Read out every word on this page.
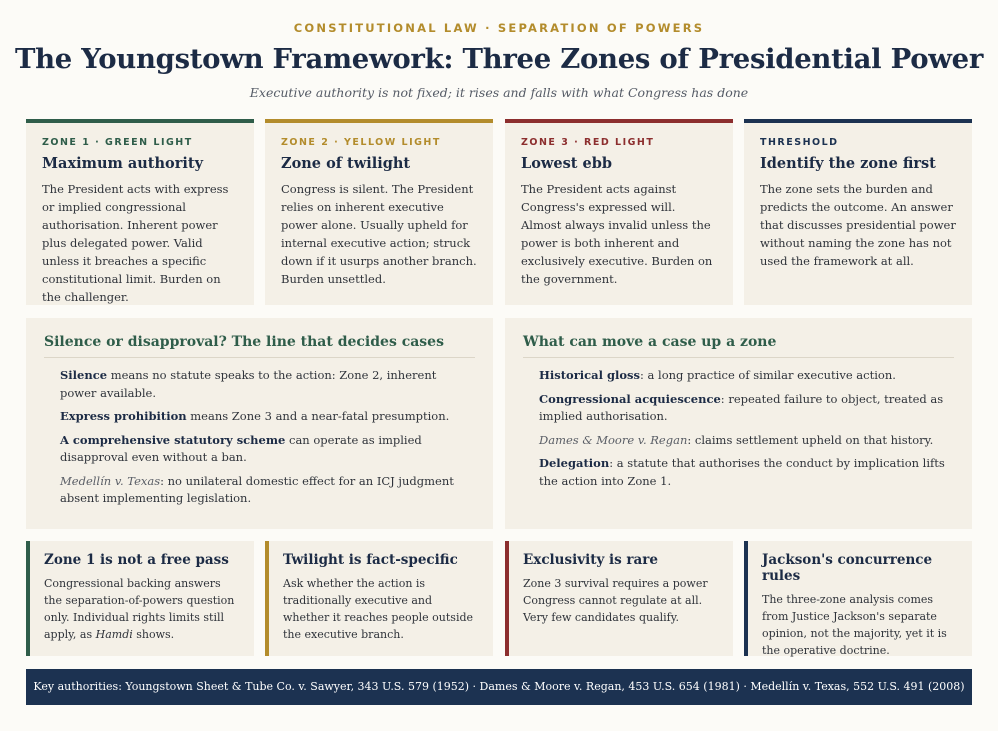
CONSTITUTIONAL LAW · SEPARATION OF POWERS
The Youngstown Framework: Three Zones of Presidential Power
Executive authority is not fixed; it rises and falls with what Congress has done
ZONE 1 · GREEN LIGHT
Maximum authority
The President acts with express or implied congressional authorisation. Inherent power plus delegated power. Valid unless it breaches a specific constitutional limit. Burden on the challenger.
ZONE 2 · YELLOW LIGHT
Zone of twilight
Congress is silent. The President relies on inherent executive power alone. Usually upheld for internal executive action; struck down if it usurps another branch. Burden unsettled.
ZONE 3 · RED LIGHT
Lowest ebb
The President acts against Congress's expressed will. Almost always invalid unless the power is both inherent and exclusively executive. Burden on the government.
THRESHOLD
Identify the zone first
The zone sets the burden and predicts the outcome. An answer that discusses presidential power without naming the zone has not used the framework at all.
Silence or disapproval? The line that decides cases
Silence means no statute speaks to the action: Zone 2, inherent power available.
Express prohibition means Zone 3 and a near-fatal presumption.
A comprehensive statutory scheme can operate as implied disapproval even without a ban.
Medellín v. Texas: no unilateral domestic effect for an ICJ judgment absent implementing legislation.
What can move a case up a zone
Historical gloss: a long practice of similar executive action.
Congressional acquiescence: repeated failure to object, treated as implied authorisation.
Dames & Moore v. Regan: claims settlement upheld on that history.
Delegation: a statute that authorises the conduct by implication lifts the action into Zone 1.
Zone 1 is not a free pass
Congressional backing answers the separation-of-powers question only. Individual rights limits still apply, as Hamdi shows.
Twilight is fact-specific
Ask whether the action is traditionally executive and whether it reaches people outside the executive branch.
Exclusivity is rare
Zone 3 survival requires a power Congress cannot regulate at all. Very few candidates qualify.
Jackson's concurrence rules
The three-zone analysis comes from Justice Jackson's separate opinion, not the majority, yet it is the operative doctrine.
Key authorities: Youngstown Sheet & Tube Co. v. Sawyer, 343 U.S. 579 (1952) · Dames & Moore v. Regan, 453 U.S. 654 (1981) · Medellín v. Texas, 552 U.S. 491 (2008)
